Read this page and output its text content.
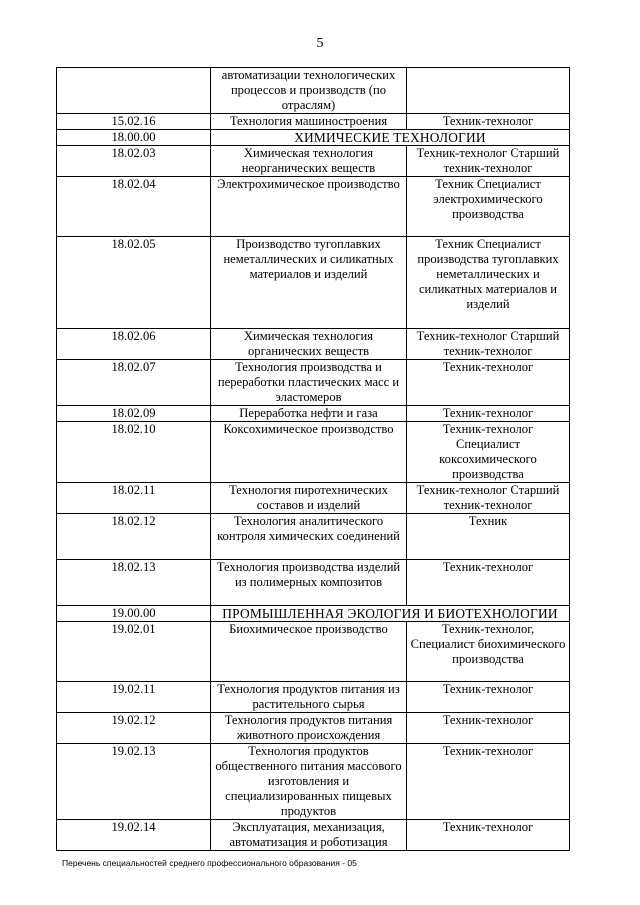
5
	автоматизации технологических процессов и производств (по отраслям)	
15.02.16	Технология машиностроения	Техник-технолог
18.00.00	ХИМИЧЕСКИЕ ТЕХНОЛОГИИ	
18.02.03	Химическая технология неорганических веществ	Техник-технолог Старший техник-технолог
18.02.04	Электрохимическое производство	Техник Специалист электрохимического производства
18.02.05	Производство тугоплавких неметаллических и силикатных материалов и изделий	Техник Специалист производства тугоплавких неметаллических и силикатных материалов и изделий
18.02.06	Химическая технология органических веществ	Техник-технолог Старший техник-технолог
18.02.07	Технология производства и переработки пластических масс и эластомеров	Техник-технолог
18.02.09	Переработка нефти и газа	Техник-технолог
18.02.10	Коксохимическое производство	Техник-технолог Специалист коксохимического производства
18.02.11	Технология пиротехнических составов и изделий	Техник-технолог Старший техник-технолог
18.02.12	Технология аналитического контроля химических соединений	Техник
18.02.13	Технология производства изделий из полимерных композитов	Техник-технолог
19.00.00	ПРОМЫШЛЕННАЯ ЭКОЛОГИЯ И БИОТЕХНОЛОГИИ	
19.02.01	Биохимическое производство	Техник-технолог, Специалист биохимического производства
19.02.11	Технология продуктов питания из растительного сырья	Техник-технолог
19.02.12	Технология продуктов питания животного происхождения	Техник-технолог
19.02.13	Технология продуктов общественного питания массового изготовления и специализированных пищевых продуктов	Техник-технолог
19.02.14	Эксплуатация, механизация, автоматизация и роботизация	Техник-технолог
Перечень специальностей среднего профессионального образования - 05
